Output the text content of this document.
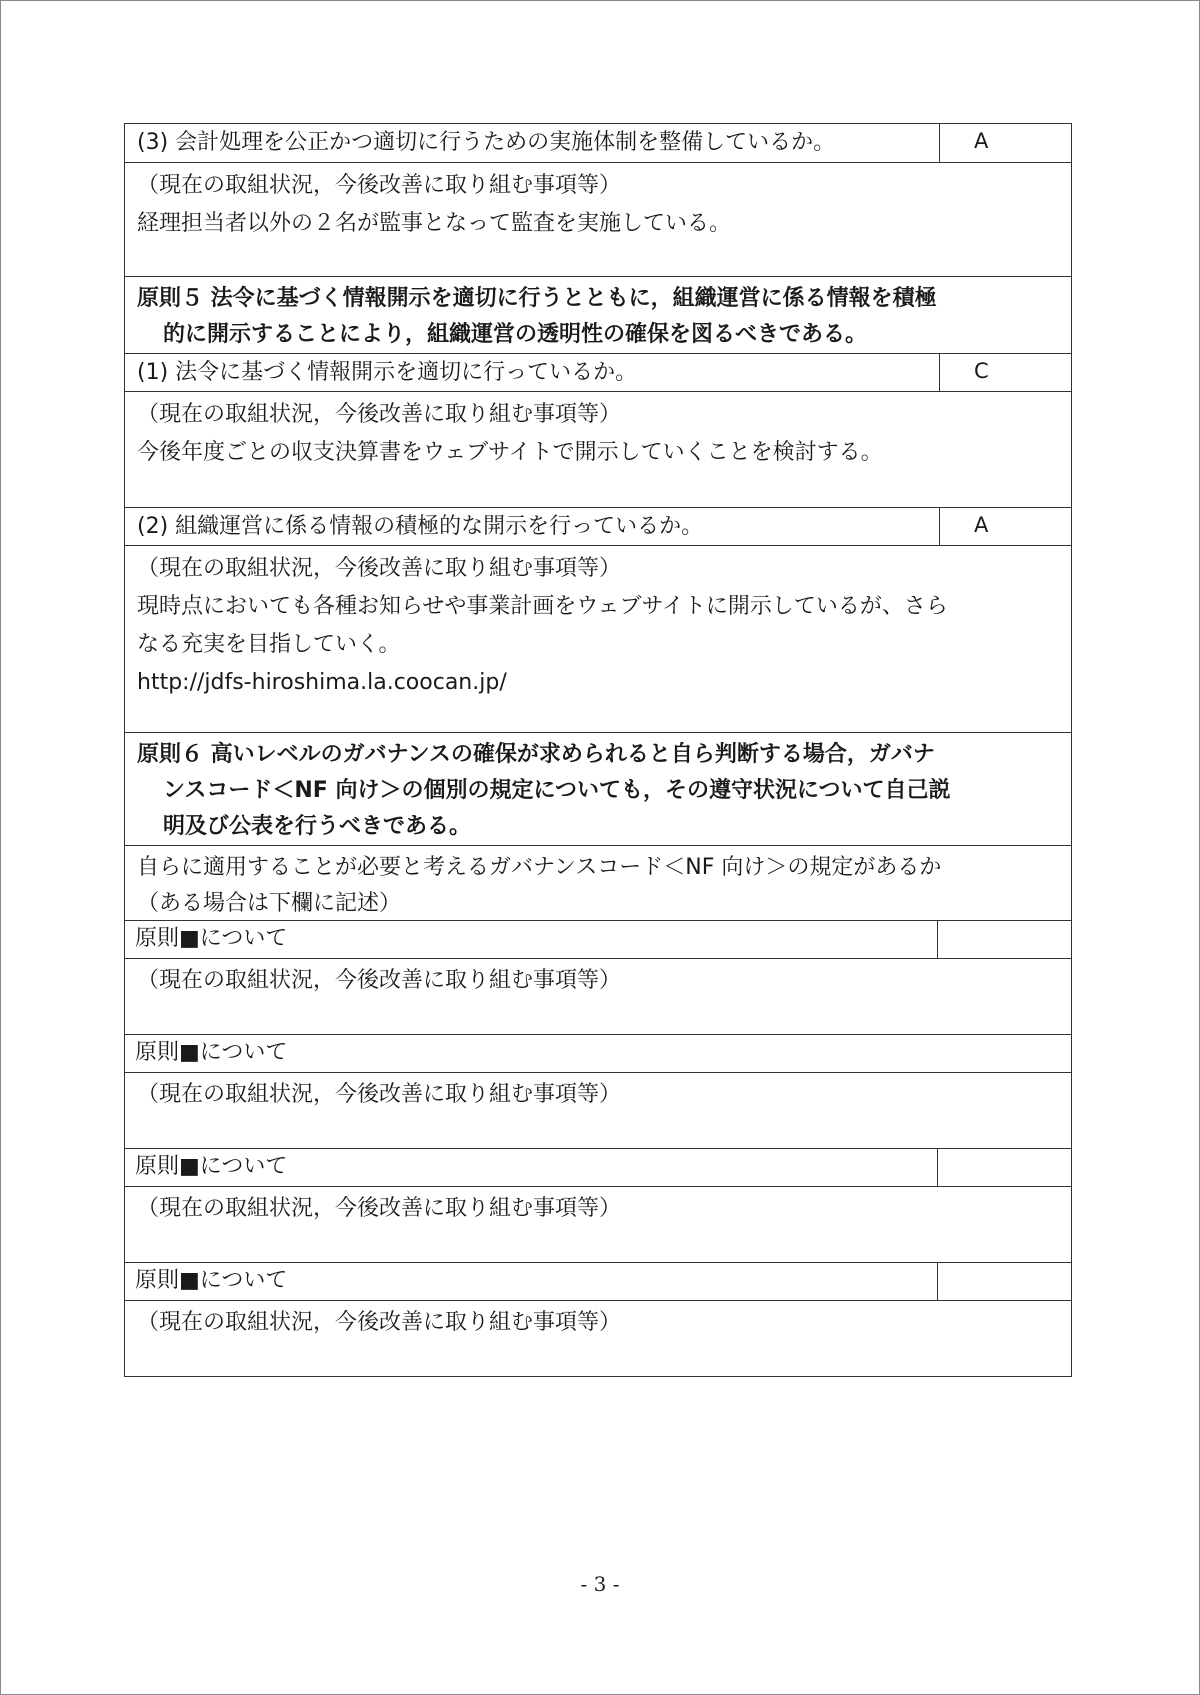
(3) 会計処理を公正かつ適切に行うための実施体制を整備しているか。	A
（現在の取組状況，今後改善に取り組む事項等）
経理担当者以外の２名が監事となって監査を実施している。
原則５ 法令に基づく情報開示を適切に行うとともに，組織運営に係る情報を積極
的に開示することにより，組織運営の透明性の確保を図るべきである。
(1) 法令に基づく情報開示を適切に行っているか。	C
（現在の取組状況，今後改善に取り組む事項等）
今後年度ごとの収支決算書をウェブサイトで開示していくことを検討する。
(2) 組織運営に係る情報の積極的な開示を行っているか。	A
（現在の取組状況，今後改善に取り組む事項等）
現時点においても各種お知らせや事業計画をウェブサイトに開示しているが、さら
なる充実を目指していく。
http://jdfs-hiroshima.la.coocan.jp/
原則６ 高いレベルのガバナンスの確保が求められると自ら判断する場合，ガバナ
ンスコード＜NF 向け＞の個別の規定についても，その遵守状況について自己説
明及び公表を行うべきである。
自らに適用することが必要と考えるガバナンスコード＜NF 向け＞の規定があるか
（ある場合は下欄に記述）
原則■について
（現在の取組状況，今後改善に取り組む事項等）
原則■について
（現在の取組状況，今後改善に取り組む事項等）
原則■について
（現在の取組状況，今後改善に取り組む事項等）
原則■について
（現在の取組状況，今後改善に取り組む事項等）
- 3 -
